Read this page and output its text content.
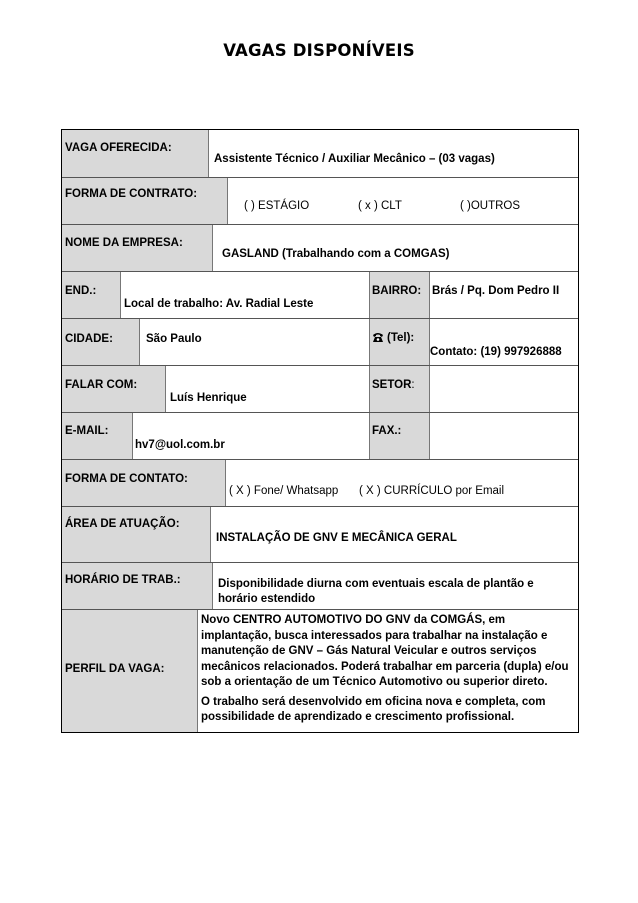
VAGAS DISPONÍVEIS
VAGA OFERECIDA:
Assistente Técnico / Auxiliar Mecânico – (03 vagas)
FORMA DE CONTRATO:
( ) ESTÁGIO	( x ) CLT	( )OUTROS
NOME DA EMPRESA:
GASLAND (Trabalhando com a COMGAS)
END.:
Local de trabalho: Av. Radial Leste
BAIRRO: Brás / Pq. Dom Pedro II
CIDADE:	São Paulo	(Tel):
Contato: (19) 997926888
FALAR COM:
Luís Henrique
SETOR:
E-MAIL:
hv7@uol.com.br
FAX.:
FORMA DE CONTATO:
( X ) Fone/ Whatsapp ( X ) CURRÍCULO por Email
ÁREA DE ATUAÇÃO:
INSTALAÇÃO DE GNV E MECÂNICA GERAL
HORÁRIO DE TRAB.:	Disponibilidade diurna com eventuais escala de plantão e horário estendido
PERFIL DA VAGA:

Novo CENTRO AUTOMOTIVO DO GNV da COMGÁS, em implantação, busca interessados para trabalhar na instalação e manutenção de GNV – Gás Natural Veicular e outros serviços mecânicos relacionados. Poderá trabalhar em parceria (dupla) e/ou sob a orientação de um Técnico Automotivo ou superior direto.

O trabalho será desenvolvido em oficina nova e completa, com possibilidade de aprendizado e crescimento profissional.
